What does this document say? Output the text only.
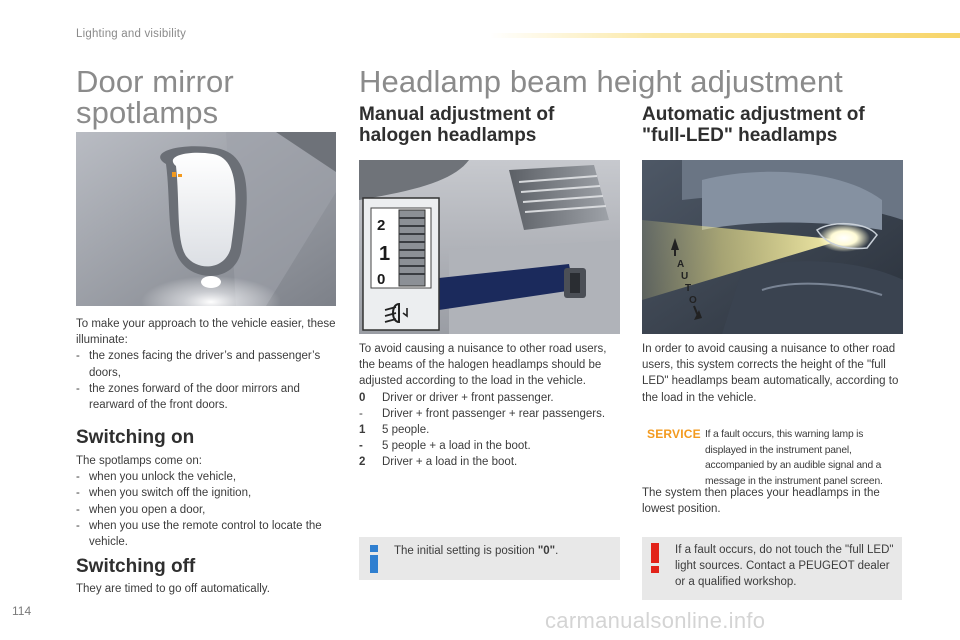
Lighting and visibility
Door mirror
spotlamps

To make your approach to the vehicle easier, these illuminate:

- the zones facing the driver’s and passenger’s doors,
- the zones forward of the door mirrors and rearward of the front doors.
Switching on

The spotlamps come on:

- when you unlock the vehicle,
- when you switch off the ignition,
- when you open a door,
- when you use the remote control to locate the vehicle.
Switching off

They are timed to go off automatically.

Headlamp beam height adjustment
Manual adjustment of
halogen headlamps
2
1
0

To avoid causing a nuisance to other road users, the beams of the halogen headlamps should be adjusted according to the load in the vehicle.

0 Driver or driver + front passenger.
- Driver + front passenger + rear passengers.
1 5 people.
- 5 people + a load in the boot.
2 Driver + a load in the boot.
The initial setting is position "0".
Automatic adjustment of
"full-LED" headlamps
A
U
T
O

In order to avoid causing a nuisance to other road users, this system corrects the height of the "full LED" headlamps beam automatically, according to the load in the vehicle.

SERVICE If a fault occurs, this warning lamp is displayed in the instrument panel, accompanied by an audible signal and a message in the instrument panel screen.

The system then places your headlamps in the lowest position.

If a fault occurs, do not touch the "full LED" light sources. Contact a PEUGEOT dealer or a qualified workshop.
114	carmanualsonline.info
